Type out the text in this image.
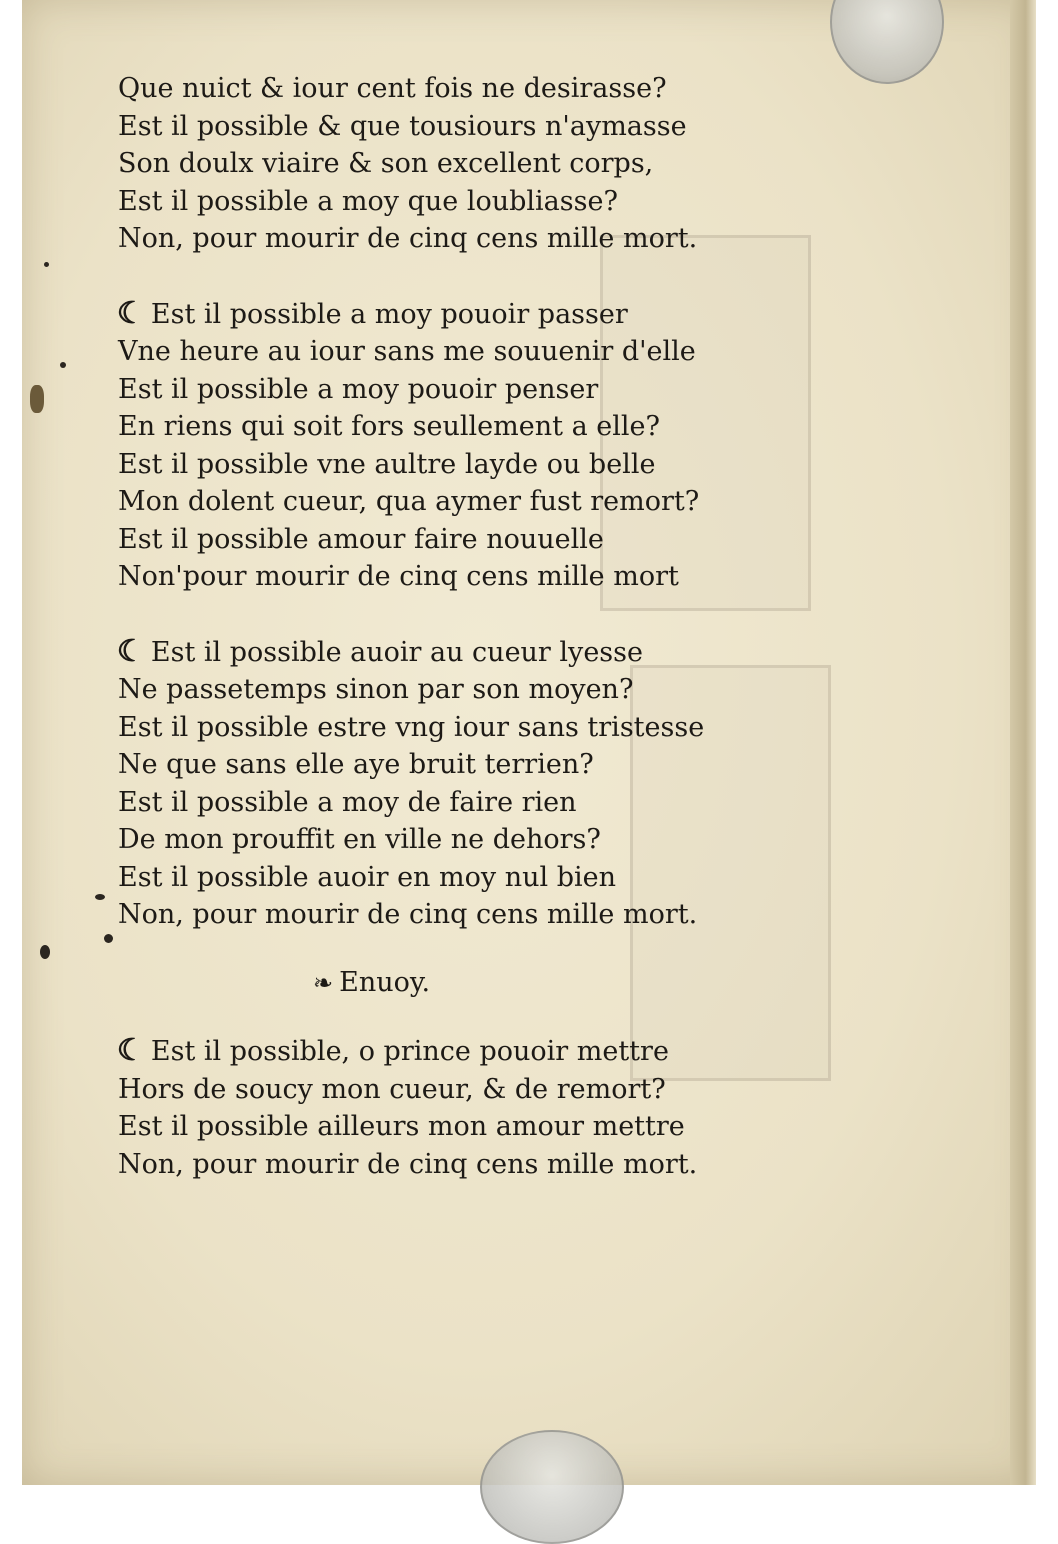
Que nuict & iour cent fois ne desirasse?
Est il possible & que tousiours n'aymasse
Son doulx viaire & son excellent corps,
Est il possible a moy que loubliasse?
Non, pour mourir de cinq cens mille mort.
☾ Est il possible a moy pouoir passer
Vne heure au iour sans me souuenir d'elle
Est il possible a moy pouoir penser
En riens qui soit fors seullement a elle?
Est il possible vne aultre layde ou belle
Mon dolent cueur, qua aymer fust remort?
Est il possible amour faire nouuelle
Non'pour mourir de cinq cens mille mort
☾ Est il possible auoir au cueur lyesse
Ne passetemps sinon par son moyen?
Est il possible estre vng iour sans tristesse
Ne que sans elle aye bruit terrien?
Est il possible a moy de faire rien
De mon prouffit en ville ne dehors?
Est il possible auoir en moy nul bien
Non, pour mourir de cinq cens mille mort.
❧ Enuoy.
☾ Est il possible, o prince pouoir mettre
Hors de soucy mon cueur, & de remort?
Est il possible ailleurs mon amour mettre
Non, pour mourir de cinq cens mille mort.
